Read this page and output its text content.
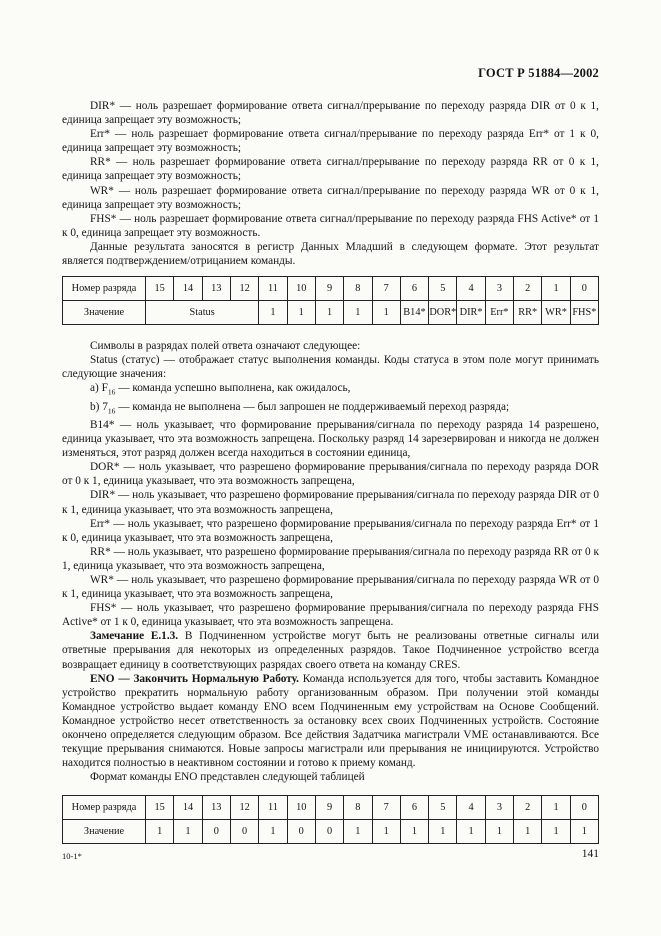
ГОСТ Р 51884—2002

DIR* — ноль разрешает формирование ответа сигнал/прерывание по переходу разряда DIR от 0 к 1, единица запрещает эту возможность;

Err* — ноль разрешает формирование ответа сигнал/прерывание по переходу разряда Err* от 1 к 0, единица запрещает эту возможность;

RR* — ноль разрешает формирование ответа сигнал/прерывание по переходу разряда RR от 0 к 1, единица запрещает эту возможность;

WR* — ноль разрешает формирование ответа сигнал/прерывание по переходу разряда WR от 0 к 1, единица запрещает эту возможность;

FHS* — ноль разрешает формирование ответа сигнал/прерывание по переходу разряда FHS Active* от 1 к 0, единица запрещает эту возможность.

Данные результата заносятся в регистр Данных Младший в следующем формате. Этот результат является подтверждением/отрицанием команды.

Номер разряда	15	14	13	12	11	10	9	8	7	6	5	4	3	2	1	0
Значение	Status				1	1	1	1	1	B14*	DOR*	DIR*	Err*	RR*	WR*	FHS*

Символы в разрядах полей ответа означают следующее:

Status (статус) — отображает статус выполнения команды. Коды статуса в этом поле могут принимать следующие значения:

а) $F_{16}$ — команда успешно выполнена, как ожидалось,

b) $7_{16}$ — команда не выполнена — был запрошен не поддерживаемый переход разряда;

B14* — ноль указывает, что формирование прерывания/сигнала по переходу разряда 14 разрешено, единица указывает, что эта возможность запрещена. Поскольку разряд 14 зарезервирован и никогда не должен изменяться, этот разряд должен всегда находиться в состоянии единица,

DOR* — ноль указывает, что разрешено формирование прерывания/сигнала по переходу разряда DOR от 0 к 1, единица указывает, что эта возможность запрещена,

DIR* — ноль указывает, что разрешено формирование прерывания/сигнала по переходу разряда DIR от 0 к 1, единица указывает, что эта возможность запрещена,

Err* — ноль указывает, что разрешено формирование прерывания/сигнала по переходу разряда Err* от 1 к 0, единица указывает, что эта возможность запрещена,

RR* — ноль указывает, что разрешено формирование прерывания/сигнала по переходу разряда RR от 0 к 1, единица указывает, что эта возможность запрещена,

WR* — ноль указывает, что разрешено формирование прерывания/сигнала по переходу разряда WR от 0 к 1, единица указывает, что эта возможность запрещена,

FHS* — ноль указывает, что разрешено формирование прерывания/сигнала по переходу разряда FHS Active* от 1 к 0, единица указывает, что эта возможность запрещена.

Замечание Е.1.3. В Подчиненном устройстве могут быть не реализованы ответные сигналы или ответные прерывания для некоторых из определенных разрядов. Такое Подчиненное устройство всегда возвращает единицу в соответствующих разрядах своего ответа на команду CRES.

ENO — Закончить Нормальную Работу. Команда используется для того, чтобы заставить Командное устройство прекратить нормальную работу организованным образом. При получении этой команды Командное устройство выдает команду ENO всем Подчиненным ему устройствам на Основе Сообщений. Командное устройство несет ответственность за остановку всех своих Подчиненных устройств. Состояние окончено определяется следующим образом. Все действия Задатчика магистрали VME останавливаются. Все текущие прерывания снимаются. Новые запросы магистрали или прерывания не инициируются. Устройство находится полностью в неактивном состоянии и готово к приему команд.

Формат команды ENO представлен следующей таблицей

Номер разряда	15	14	13	12	11	10	9	8	7	6	5	4	3	2	1	0
Значение	1	1	0	0	1	0	0	1	1	1	1	1	1	1	1	1
10-1*	141
